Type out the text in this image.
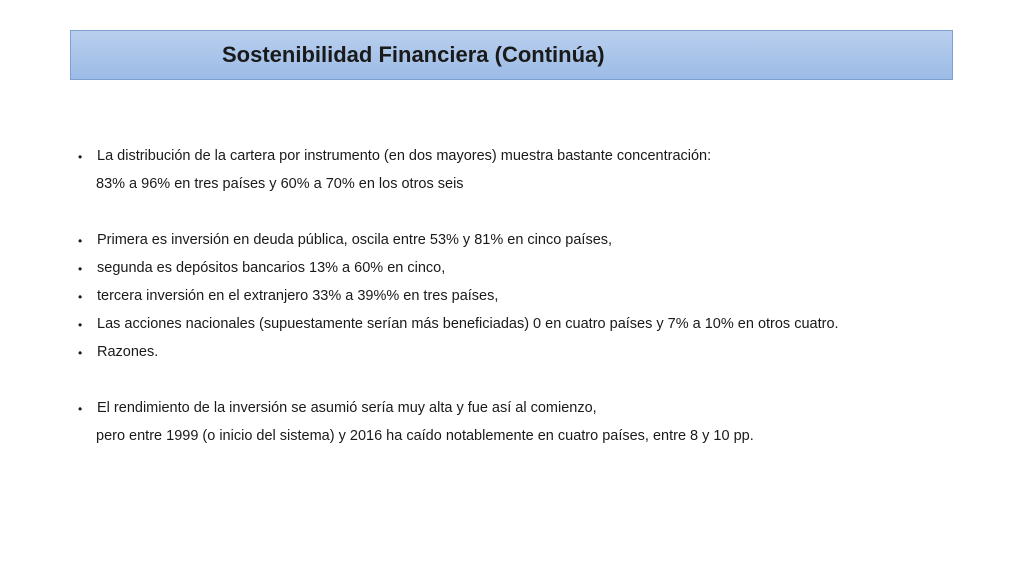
Sostenibilidad Financiera (Continúa)
•	La distribución de la cartera por instrumento (en dos mayores) muestra bastante concentración:
83% a 96% en tres países y 60% a 70% en los otros seis
•	Primera es inversión en deuda pública, oscila entre 53% y 81% en cinco países,
•	segunda es depósitos bancarios 13% a 60% en cinco,
•	tercera inversión en el extranjero 33% a 39%% en tres países,
•	Las acciones nacionales (supuestamente serían más beneficiadas) 0 en cuatro países y 7% a 10% en otros cuatro.
•	Razones.
•	El rendimiento de la inversión se asumió sería muy alta y fue así al comienzo,
pero entre 1999 (o inicio del sistema) y 2016 ha caído notablemente en cuatro países, entre 8 y 10 pp.
